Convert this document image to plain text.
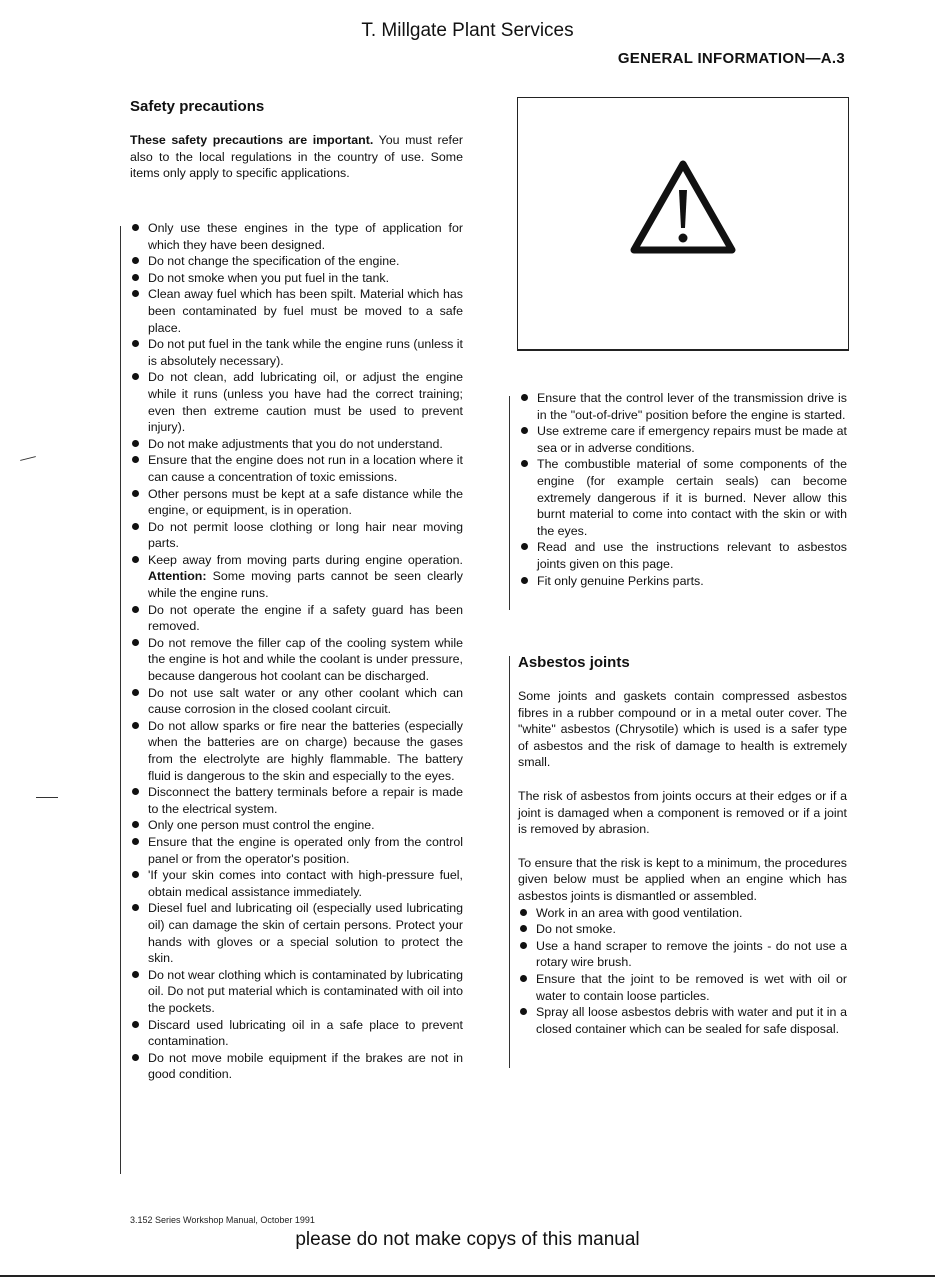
T. Millgate Plant Services
GENERAL INFORMATION—A.3
Safety precautions

These safety precautions are important. You must refer also to the local regulations in the country of use. Some items only apply to specific applications.

Only use these engines in the type of application for which they have been designed.
Do not change the specification of the engine.
Do not smoke when you put fuel in the tank.
Clean away fuel which has been spilt. Material which has been contaminated by fuel must be moved to a safe place.
Do not put fuel in the tank while the engine runs (unless it is absolutely necessary).
Do not clean, add lubricating oil, or adjust the engine while it runs (unless you have had the correct training; even then extreme caution must be used to prevent injury).
Do not make adjustments that you do not understand.
Ensure that the engine does not run in a location where it can cause a concentration of toxic emissions.
Other persons must be kept at a safe distance while the engine, or equipment, is in operation.
Do not permit loose clothing or long hair near moving parts.
Keep away from moving parts during engine operation. Attention: Some moving parts cannot be seen clearly while the engine runs.
Do not operate the engine if a safety guard has been removed.
Do not remove the filler cap of the cooling system while the engine is hot and while the coolant is under pressure, because dangerous hot coolant can be discharged.
Do not use salt water or any other coolant which can cause corrosion in the closed coolant circuit.
Do not allow sparks or fire near the batteries (especially when the batteries are on charge) because the gases from the electrolyte are highly flammable. The battery fluid is dangerous to the skin and especially to the eyes.
Disconnect the battery terminals before a repair is made to the electrical system.
Only one person must control the engine.
Ensure that the engine is operated only from the control panel or from the operator's position.
'If your skin comes into contact with high-pressure fuel, obtain medical assistance immediately.
Diesel fuel and lubricating oil (especially used lubricating oil) can damage the skin of certain persons. Protect your hands with gloves or a special solution to protect the skin.
Do not wear clothing which is contaminated by lubricating oil. Do not put material which is contaminated with oil into the pockets.
Discard used lubricating oil in a safe place to prevent contamination.
Do not move mobile equipment if the brakes are not in good condition.
Ensure that the control lever of the transmission drive is in the "out-of-drive" position before the engine is started.
Use extreme care if emergency repairs must be made at sea or in adverse conditions.
The combustible material of some components of the engine (for example certain seals) can become extremely dangerous if it is burned. Never allow this burnt material to come into contact with the skin or with the eyes.
Read and use the instructions relevant to asbestos joints given on this page.
Fit only genuine Perkins parts.
Asbestos joints

Some joints and gaskets contain compressed asbestos fibres in a rubber compound or in a metal outer cover. The "white" asbestos (Chrysotile) which is used is a safer type of asbestos and the risk of damage to health is extremely small.

The risk of asbestos from joints occurs at their edges or if a joint is damaged when a component is removed or if a joint is removed by abrasion.

To ensure that the risk is kept to a minimum, the procedures given below must be applied when an engine which has asbestos joints is dismantled or assembled.

Work in an area with good ventilation.
Do not smoke.
Use a hand scraper to remove the joints - do not use a rotary wire brush.
Ensure that the joint to be removed is wet with oil or water to contain loose particles.
Spray all loose asbestos debris with water and put it in a closed container which can be sealed for safe disposal.
3.152 Series Workshop Manual, October 1991
please do not make copys of this manual
